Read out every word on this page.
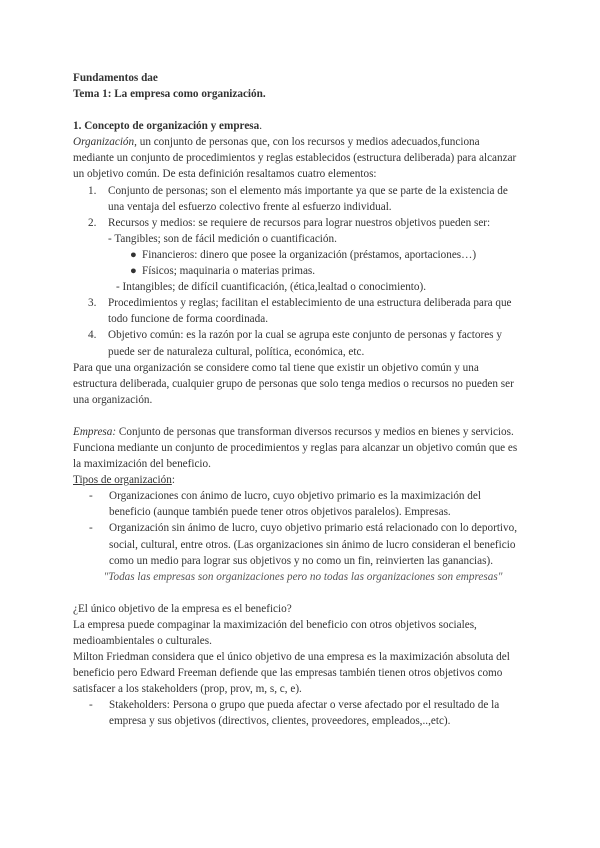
Fundamentos dae

Tema 1: La empresa como organización.

1. Concepto de organización y empresa.

Organización, un conjunto de personas que, con los recursos y medios adecuados,funciona mediante un conjunto de procedimientos y reglas establecidos (estructura deliberada) para alcanzar un objetivo común. De esta definición resaltamos cuatro elementos:

1. Conjunto de personas; son el elemento más importante ya que se parte de la existencia de una ventaja del esfuerzo colectivo frente al esfuerzo individual.
2. Recursos y medios: se requiere de recursos para lograr nuestros objetivos pueden ser:
- Tangibles; son de fácil medición o cuantificación.
● Financieros: dinero que posee la organización (préstamos, aportaciones…)
● Físicos; maquinaria o materias primas.
- Intangibles; de difícil cuantificación, (ética,lealtad o conocimiento).
3. Procedimientos y reglas; facilitan el establecimiento de una estructura deliberada para que todo funcione de forma coordinada.
4. Objetivo común: es la razón por la cual se agrupa este conjunto de personas y factores y puede ser de naturaleza cultural, política, económica, etc.

Para que una organización se considere como tal tiene que existir un objetivo común y una estructura deliberada, cualquier grupo de personas que solo tenga medios o recursos no pueden ser una organización.

Empresa: Conjunto de personas que transforman diversos recursos y medios en bienes y servicios. Funciona mediante un conjunto de procedimientos y reglas para alcanzar un objetivo común que es la maximización del beneficio.

Tipos de organización:

- Organizaciones con ánimo de lucro, cuyo objetivo primario es la maximización del beneficio (aunque también puede tener otros objetivos paralelos). Empresas.
- Organización sin ánimo de lucro, cuyo objetivo primario está relacionado con lo deportivo, social, cultural, entre otros. (Las organizaciones sin ánimo de lucro consideran el beneficio como un medio para lograr sus objetivos y no como un fin, reinvierten las ganancias).

"Todas las empresas son organizaciones pero no todas las organizaciones son empresas"

¿El único objetivo de la empresa es el beneficio?

La empresa puede compaginar la maximización del beneficio con otros objetivos sociales, medioambientales o culturales.

Milton Friedman considera que el único objetivo de una empresa es la maximización absoluta del beneficio pero Edward Freeman defiende que las empresas también tienen otros objetivos como satisfacer a los stakeholders (prop, prov, m, s, c, e).

- Stakeholders: Persona o grupo que pueda afectar o verse afectado por el resultado de la empresa y sus objetivos (directivos, clientes, proveedores, empleados,..,etc).
